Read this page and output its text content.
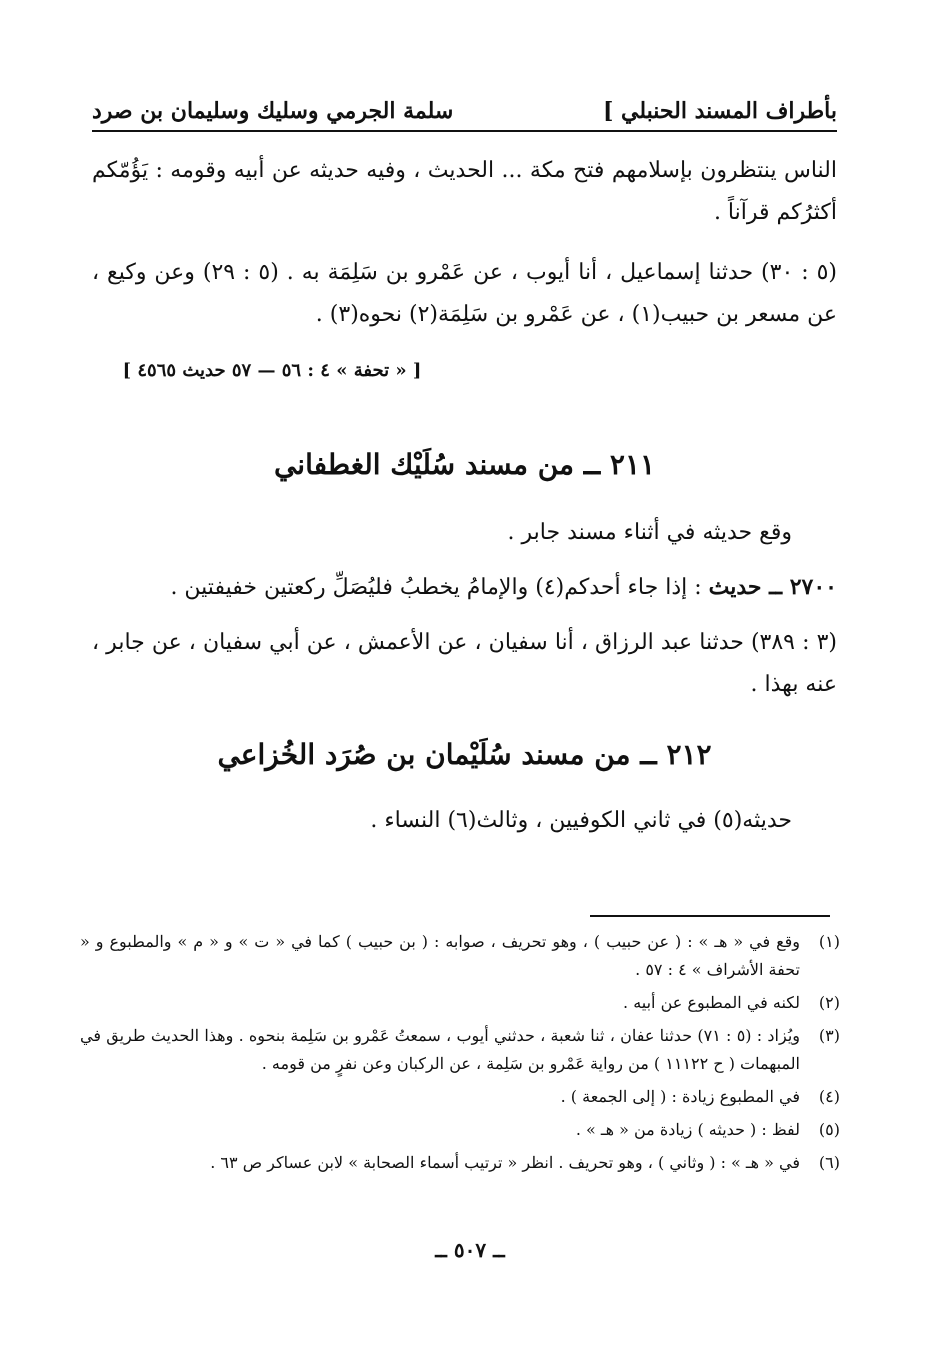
بأطراف المسند الحنبلي ]
سلمة الجرمي وسليك وسليمان بن صرد
الناس ينتظرون بإسلامهم فتح مكة ... الحديث ، وفيه حديثه عن أبيه وقومه : يَؤُمّكم أكثرُكم قرآناً .
(٥ : ٣٠) حدثنا إسماعيل ، أنا أيوب ، عن عَمْرو بن سَلِمَة به . (٥ : ٢٩) وعن وكيع ، عن مسعر بن حبيب(١) ، عن عَمْرو بن سَلِمَة(٢) نحوه(٣) .
[ « تحفة » ٤ : ٥٦ — ٥٧ حديث ٤٥٦٥ ]
٢١١ ــ من مسند سُلَيْك الغطفاني
وقع حديثه في أثناء مسند جابر .
٢٧٠٠ ــ حديث : إذا جاء أحدكم(٤) والإمامُ يخطبُ فليُصَلِّ ركعتين خفيفتين .
(٣ : ٣٨٩) حدثنا عبد الرزاق ، أنا سفيان ، عن الأعمش ، عن أبي سفيان ، عن جابر ، عنه بهذا .
٢١٢ ــ من مسند سُلَيْمان بن صُرَد الخُزاعي
حديثه(٥) في ثاني الكوفيين ، وثالث(٦) النساء .
(١)
وقع في « هـ » : ( عن حبيب ) ، وهو تحريف ، صوابه : ( بن حبيب ) كما في « ت » و « م » والمطبوع و « تحفة الأشراف » ٤ : ٥٧ .
(٢)
لكنه في المطبوع عن أبيه .
(٣)
ويُزاد : (٥ : ٧١) حدثنا عفان ، ثنا شعبة ، حدثني أيوب ، سمعتُ عَمْرو بن سَلِمة بنحوه . وهذا الحديث طريق في المبهمات ( ح ١١١٢٢ ) من رواية عَمْرو بن سَلِمة ، عن الركبان وعن نفرٍ من قومه .
(٤)
في المطبوع زيادة : ( إلى الجمعة ) .
(٥)
لفظ : ( حديثه ) زيادة من « هـ » .
(٦)
في « هـ » : ( وثاني ) ، وهو تحريف . انظر « ترتيب أسماء الصحابة » لابن عساكر ص ٦٣ .
ــ ٥٠٧ ــ
